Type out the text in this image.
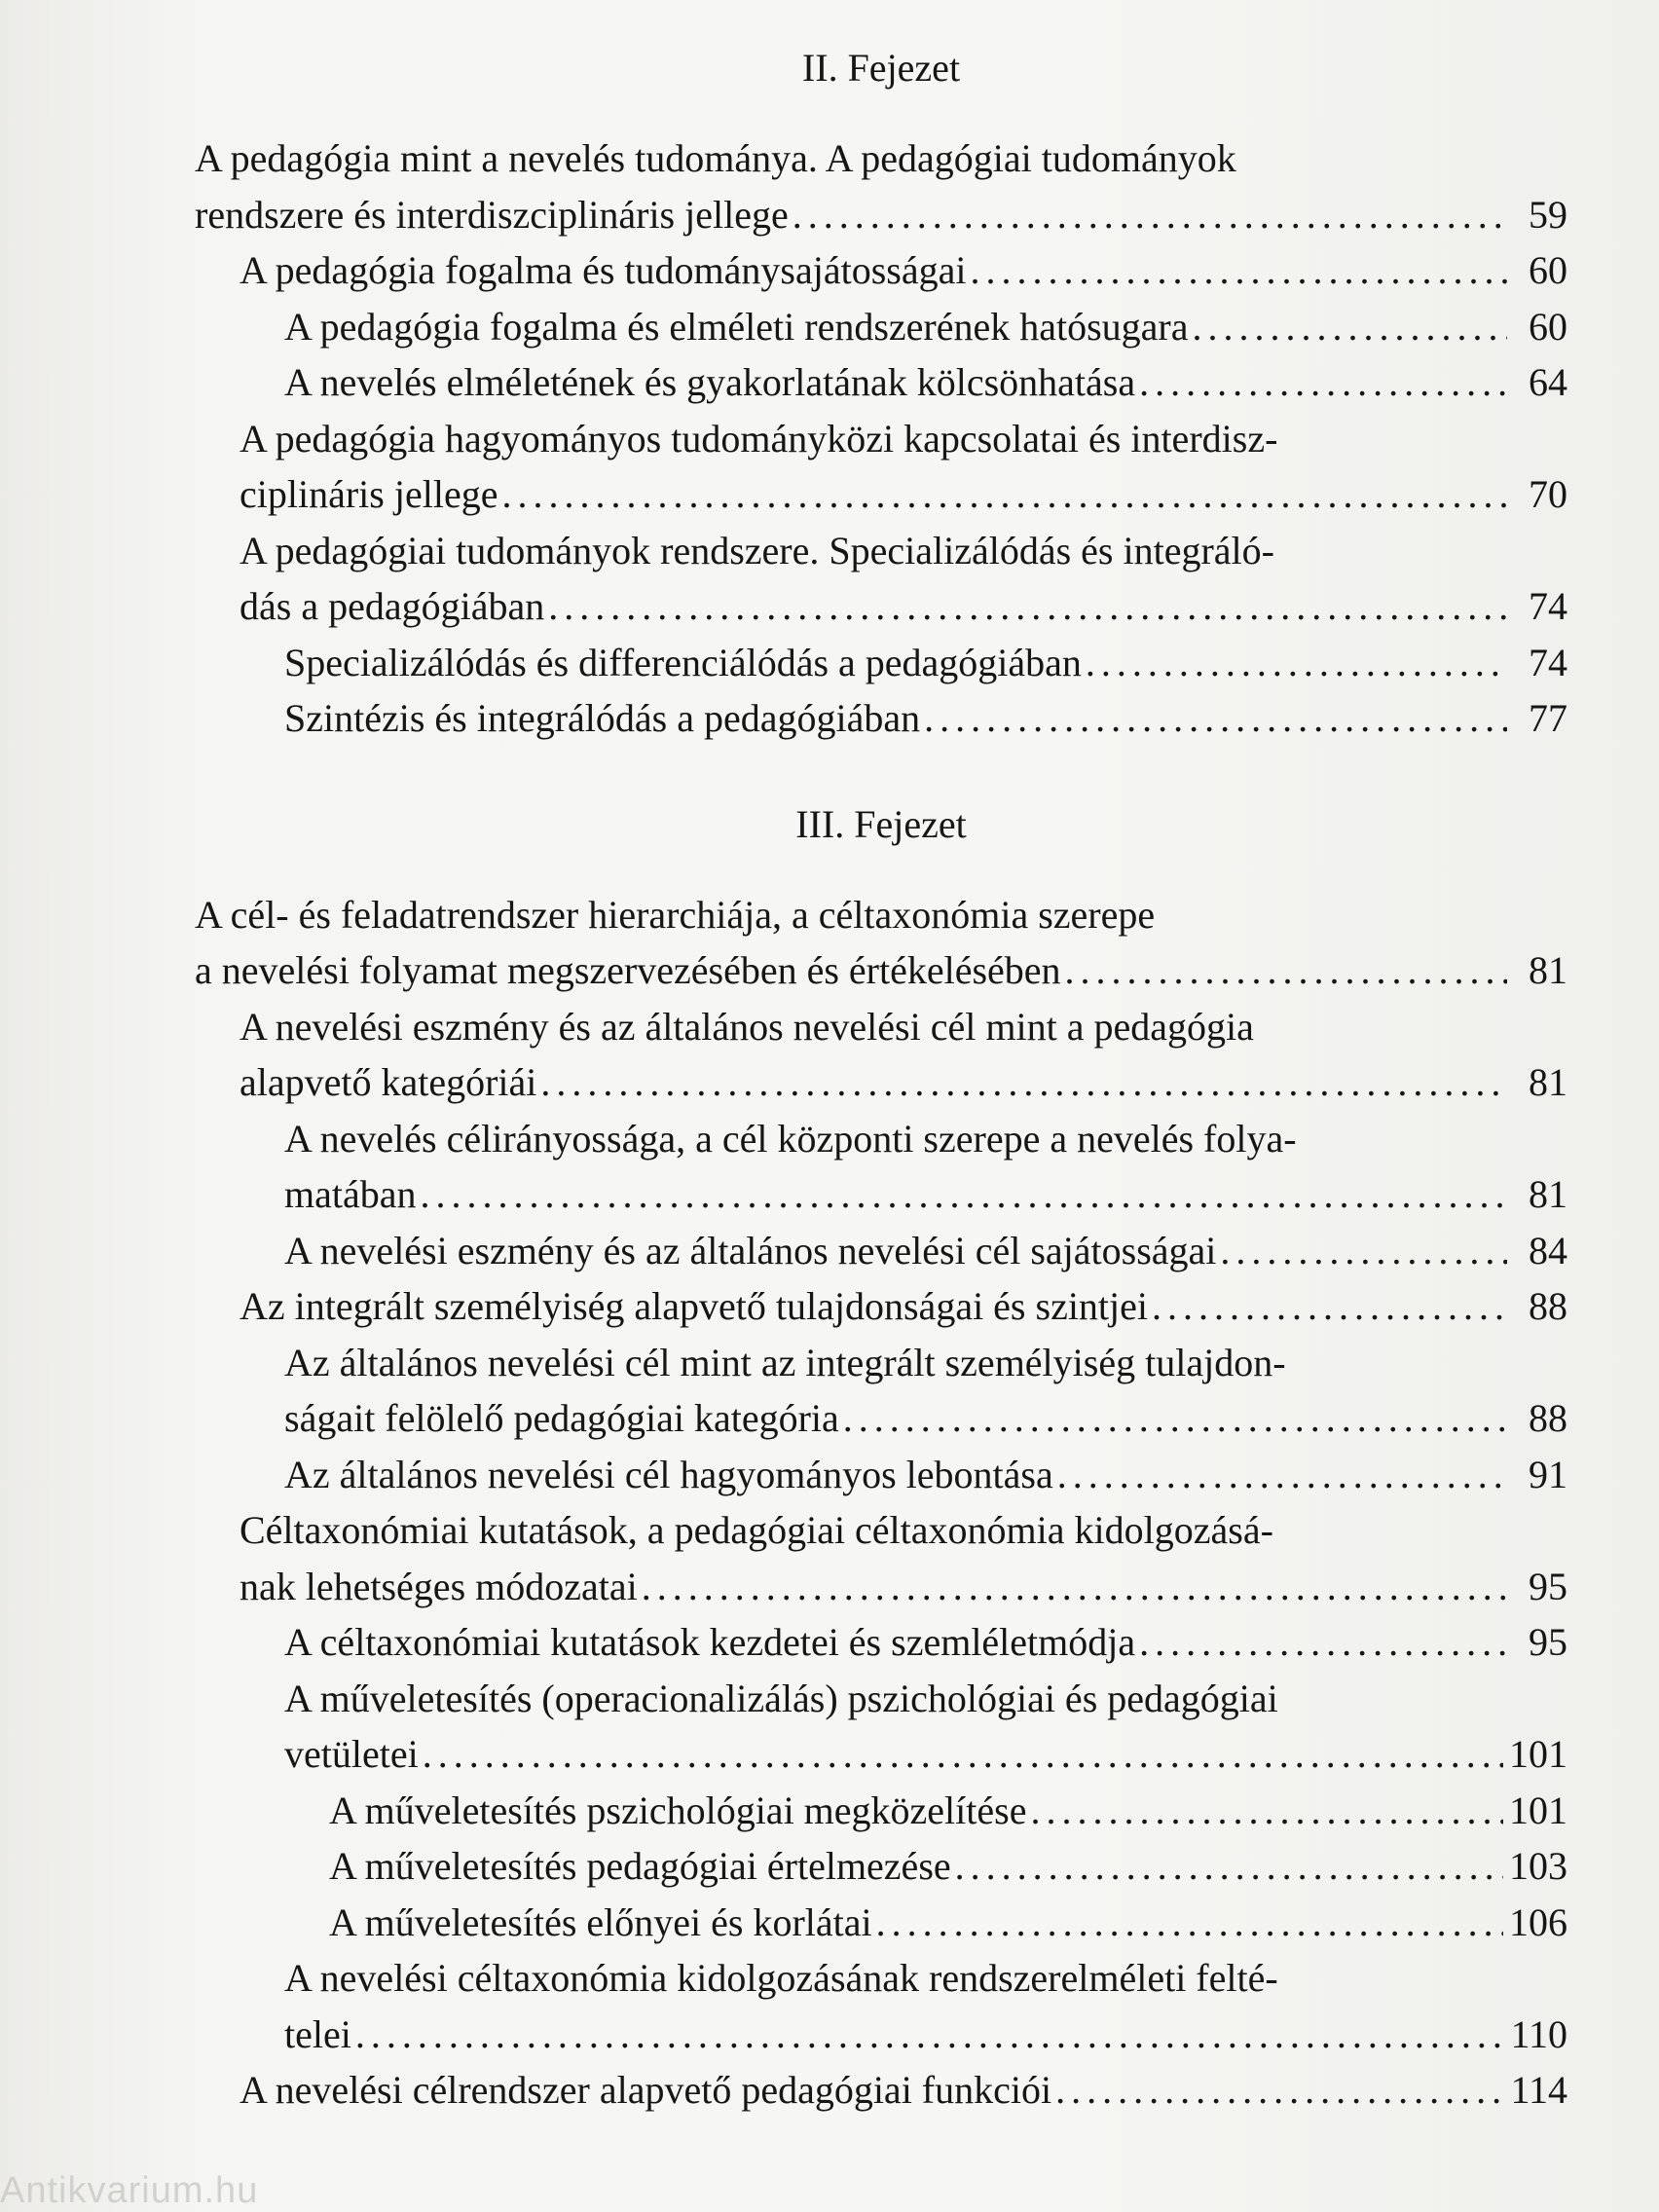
II. Fejezet
A pedagógia mint a nevelés tudománya. A pedagógiai tudományok
rendszere és interdiszciplináris jellege . . .	59
A pedagógia fogalma és tudománysajátosságai . . .	60
A pedagógia fogalma és elméleti rendszerének hatósugara . . .	60
A nevelés elméletének és gyakorlatának kölcsönhatása . . .	64
A pedagógia hagyományos tudományközi kapcsolatai és interdisz-
ciplináris jellege . . .	70
A pedagógiai tudományok rendszere. Specializálódás és integráló-
dás a pedagógiában . . .	74
Specializálódás és differenciálódás a pedagógiában . . .	74
Szintézis és integrálódás a pedagógiában . . .	77
III. Fejezet
A cél- és feladatrendszer hierarchiája, a céltaxonómia szerepe
a nevelési folyamat megszervezésében és értékelésében . . .	81
A nevelési eszmény és az általános nevelési cél mint a pedagógia
alapvető kategóriái . . .	81
A nevelés célirányossága, a cél központi szerepe a nevelés folya-
matában . . .	81
A nevelési eszmény és az általános nevelési cél sajátosságai . . .	84
Az integrált személyiség alapvető tulajdonságai és szintjei . . .	88
Az általános nevelési cél mint az integrált személyiség tulajdon-
ságait felölelő pedagógiai kategória . . .	88
Az általános nevelési cél hagyományos lebontása . . .	91
Céltaxonómiai kutatások, a pedagógiai céltaxonómia kidolgozásá-
nak lehetséges módozatai . . .	95
A céltaxonómiai kutatások kezdetei és szemléletmódja . . .	95
A műveletesítés (operacionalizálás) pszichológiai és pedagógiai
vetületei . . .	101
A műveletesítés pszichológiai megközelítése . . .	101
A műveletesítés pedagógiai értelmezése . . .	103
A műveletesítés előnyei és korlátai . . .	106
A nevelési céltaxonómia kidolgozásának rendszerelméleti felté-
telei . . .	110
A nevelési célrendszer alapvető pedagógiai funkciói . . .	114
Antikvarium.hu
